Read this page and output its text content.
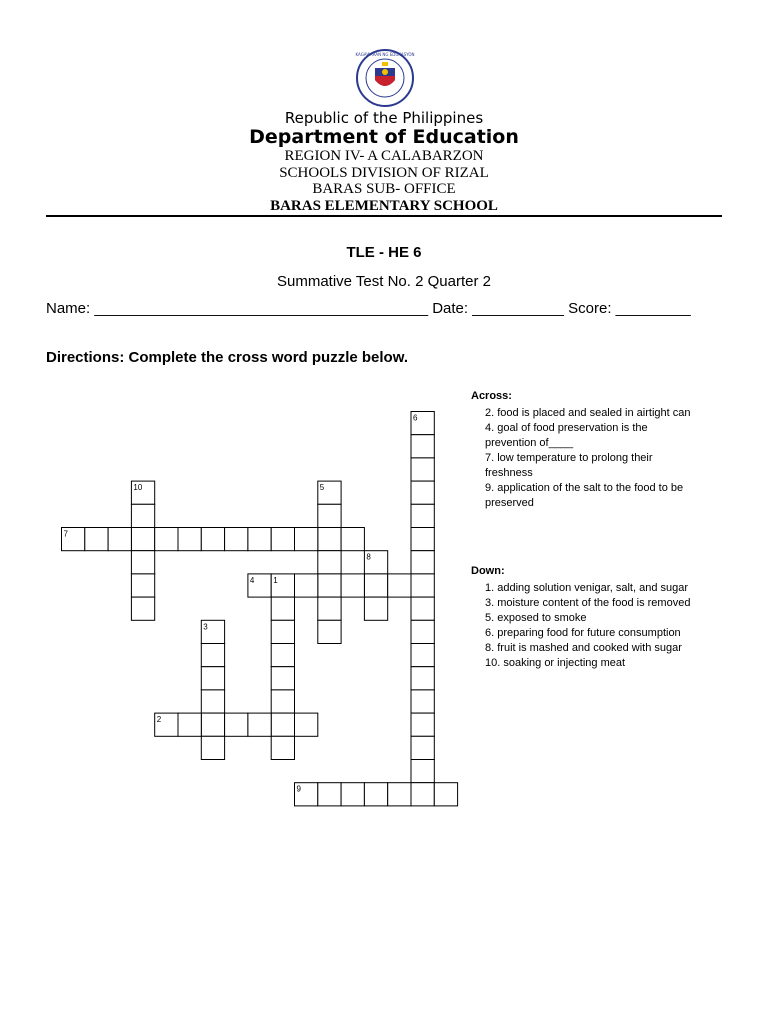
KAGAWARAN NG EDUKASYON
Republic of the Philippines
Department of Education
REGION IV- A CALABARZON
SCHOOLS DIVISION OF RIZAL
BARAS SUB- OFFICE
BARAS ELEMENTARY SCHOOL
TLE - HE 6
Summative Test No. 2 Quarter 2
Name: ________________________________________ Date: ___________ Score: _________
Directions: Complete the cross word puzzle below.
6
10	5
7
8
4 1
3
2
9
Across:
2. food is placed and sealed in airtight can
4. goal of food preservation is the
prevention of____
7. low temperature to prolong their
freshness
9. application of the salt to the food to be
preserved
Down:
1. adding solution venigar, salt, and sugar
3. moisture content of the food is removed
5. exposed to smoke
6. preparing food for future consumption
8. fruit is mashed and cooked with sugar
10. soaking or injecting meat
